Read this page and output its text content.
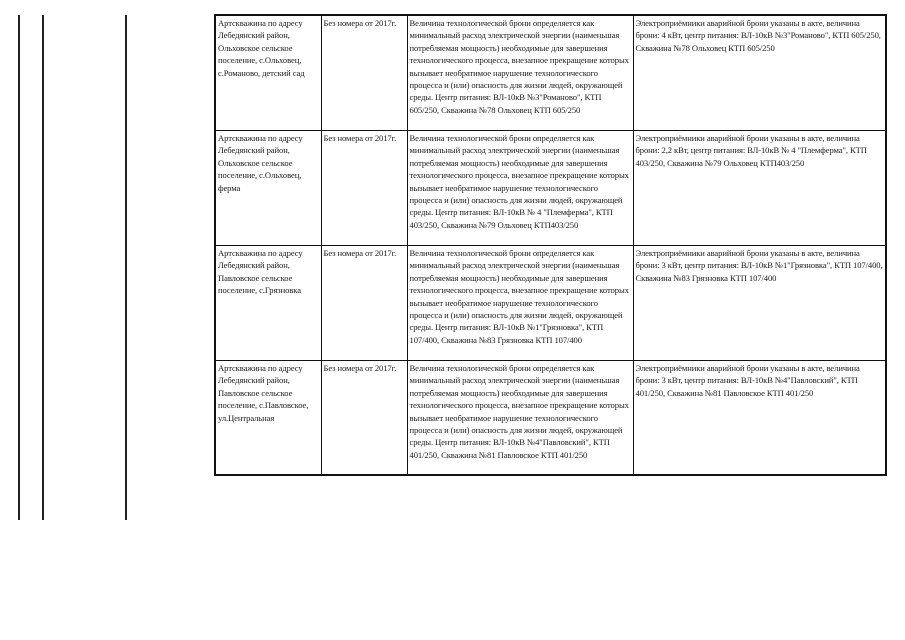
Артскважина по адресу Лебедянский район, Ольховское сельское поселение, с.Ольховец, с.Романово, детский сад	Без номера от 2017г.	Величина технологической брони определяется как минимальный расход электрической энергии (наименьшая потребляемая мощность) необходимые для завершения технологического процесса, внезапное прекращение которых вызывает необратимое нарушение технологического процесса и (или) опасность для жизни людей, окружающей среды. Центр питания: ВЛ-10кВ №3"Романово", КТП 605/250, Скважина №78 Ольховец КТП 605/250	Электроприёмники аварийной брони указаны в акте, величина брони: 4 кВт, центр питания: ВЛ-10кВ №3"Романово", КТП 605/250, Скважина №78 Ольховец КТП 605/250
Артскважина по адресу Лебедянский район, Ольховское сельское поселение, с.Ольховец, ферма	Без номера от 2017г.	Величина технологической брони определяется как минимальный расход электрической энергии (наименьшая потребляемая мощность) необходимые для завершения технологического процесса, внезапное прекращение которых вызывает необратимое нарушение технологического процесса и (или) опасность для жизни людей, окружающей среды. Центр питания: ВЛ-10кВ № 4 "Племферма", КТП 403/250, Скважина №79 Ольховец КТП403/250	Электроприёмники аварийной брони указаны в акте, величина брони: 2,2 кВт, центр питания: ВЛ-10кВ № 4 "Племферма", КТП 403/250, Скважина №79 Ольховец КТП403/250
Артскважина по адресу Лебедянский район, Павловское сельское поселение, с.Грязновка	Без номера от 2017г.	Величина технологической брони определяется как минимальный расход электрической энергии (наименьшая потребляемая мощность) необходимые для завершения технологического процесса, внезапное прекращение которых вызывает необратимое нарушение технологического процесса и (или) опасность для жизни людей, окружающей среды. Центр питания: ВЛ-10кВ №1"Грязновка", КТП 107/400, Скважина №83 Грязновка КТП 107/400	Электроприёмники аварийной брони указаны в акте, величина брони: 3 кВт, центр питания: ВЛ-10кВ №1"Грязновка", КТП 107/400, Скважина №83 Грязновка КТП 107/400
Артскважина по адресу Лебедянский район, Павловское сельское поселение, с.Павловское, ул.Центральная	Без номера от 2017г.	Величина технологической брони определяется как минимальный расход электрической энергии (наименьшая потребляемая мощность) необходимые для завершения технологического процесса, внезапное прекращение которых вызывает необратимое нарушение технологического процесса и (или) опасность для жизни людей, окружающей среды. Центр питания: ВЛ-10кВ №4"Павловский", КТП 401/250, Скважина №81 Павловское КТП 401/250	Электроприёмники аварийной брони указаны в акте, величина брони: 3 кВт, центр питания: ВЛ-10кВ №4"Павловский", КТП 401/250, Скважина №81 Павловское КТП 401/250
